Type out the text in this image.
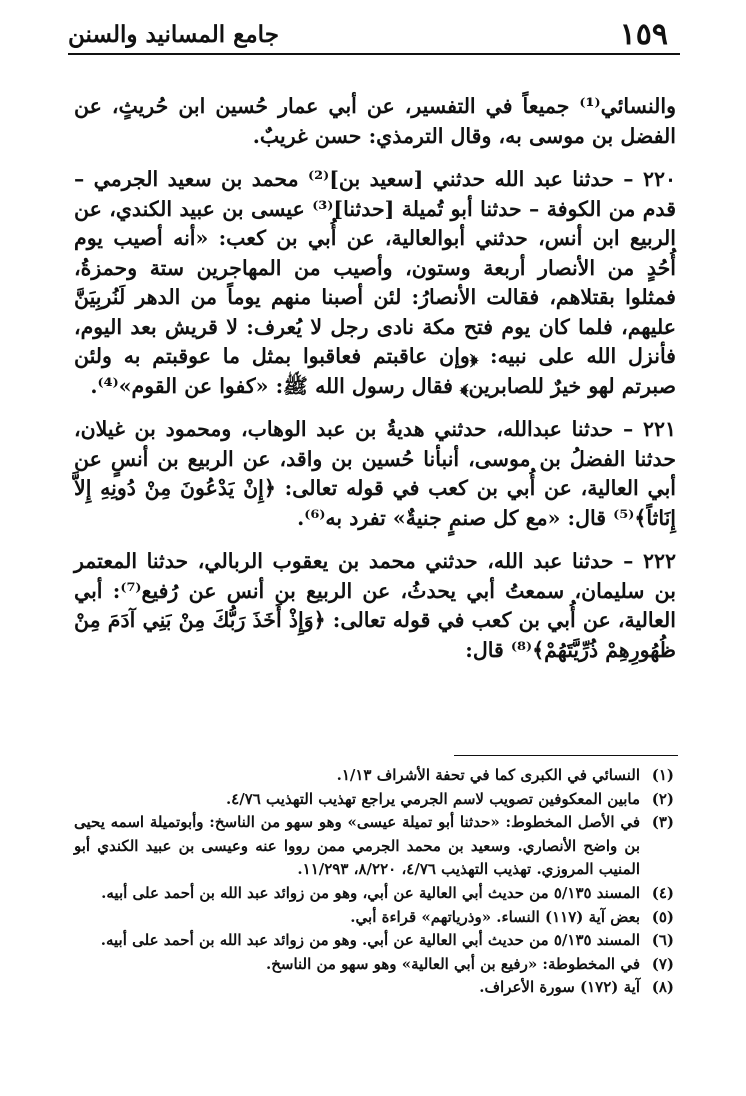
١٥٩
جامع المسانيد والسنن

والنسائي⁽¹⁾ جميعاً في التفسير، عن أبي عمار حُسين ابن حُريثٍ، عن الفضل بن موسى به، وقال الترمذي: حسن غريبٌ.

٢٢٠ – حدثنا عبد الله حدثني [سعيد بن]⁽²⁾ محمد بن سعيد الجرمي – قدم من الكوفة – حدثنا أبو تُميلة [حدثنا]⁽³⁾ عيسى بن عبيد الكندي، عن الربيع ابن أنس، حدثني أبوالعالية، عن أُبي بن كعب: «أنه أصيب يوم أُحُدٍ من الأنصار أربعة وستون، وأصيب من المهاجرين ستة وحمزةُ، فمثلوا بقتلاهم، فقالت الأنصارُ: لئن أصبنا منهم يوماً من الدهر لَنُربِيَنَّ عليهم، فلما كان يوم فتح مكة نادى رجل لا يُعرف: لا قريش بعد اليوم، فأنزل الله على نبيه: ﴿وإن عاقبتم فعاقبوا بمثل ما عوقبتم به ولئن صبرتم لهو خيرٌ للصابرين﴾ فقال رسول الله ﷺ: «كفوا عن القوم»⁽⁴⁾.

٢٢١ – حدثنا عبدالله، حدثني هديةُ بن عبد الوهاب، ومحمود بن غيلان، حدثنا الفضلُ بن موسى، أنبأنا حُسين بن واقد، عن الربيع بن أنسٍ عن أبي العالية، عن أُبي بن كعب في قوله تعالى: ﴿إِنْ يَدْعُونَ مِنْ دُونِهِ إِلاَّ إِنَاثاً﴾⁽⁵⁾ قال: «مع كل صنمٍ جنيةٌ» تفرد به⁽⁶⁾.

٢٢٢ – حدثنا عبد الله، حدثني محمد بن يعقوب الربالي، حدثنا المعتمر بن سليمان، سمعتُ أبي يحدثُ، عن الربيع بن أنس عن رُفيع⁽⁷⁾: أبي العالية، عن أُبي بن كعب في قوله تعالى: ﴿وَإِذْ أَخَذَ رَبُّكَ مِنْ بَنِي آدَمَ مِنْ ظُهُورِهِمْ ذُرِّيَّتَهُمْ﴾⁽⁸⁾ قال:

(١)
النسائي في الكبرى كما في تحفة الأشراف ١/١٣.
(٢)
مابين المعكوفين تصويب لاسم الجرمي يراجع تهذيب التهذيب ٤/٧٦.
(٣)
في الأصل المخطوط: «حدثنا أبو تميلة عيسى» وهو سهو من الناسخ: وأبوتميلة اسمه يحيى بن واضح الأنصاري. وسعيد بن محمد الجرمي ممن رووا عنه وعيسى بن عبيد الكندي أبو المنيب المروزي. تهذيب التهذيب ٤/٧٦، ٨/٢٢٠، ١١/٢٩٣.
(٤)
المسند ٥/١٣٥ من حديث أبي العالية عن أبي، وهو من زوائد عبد الله بن أحمد على أبيه.
(٥)
بعض آية (١١٧) النساء. «وذرياتهم» قراءة أبي.
(٦)
المسند ٥/١٣٥ من حديث أبي العالية عن أبي. وهو من زوائد عبد الله بن أحمد على أبيه.
(٧)
في المخطوطة: «رفيع بن أبي العالية» وهو سهو من الناسخ.
(٨)
آية (١٧٢) سورة الأعراف.
